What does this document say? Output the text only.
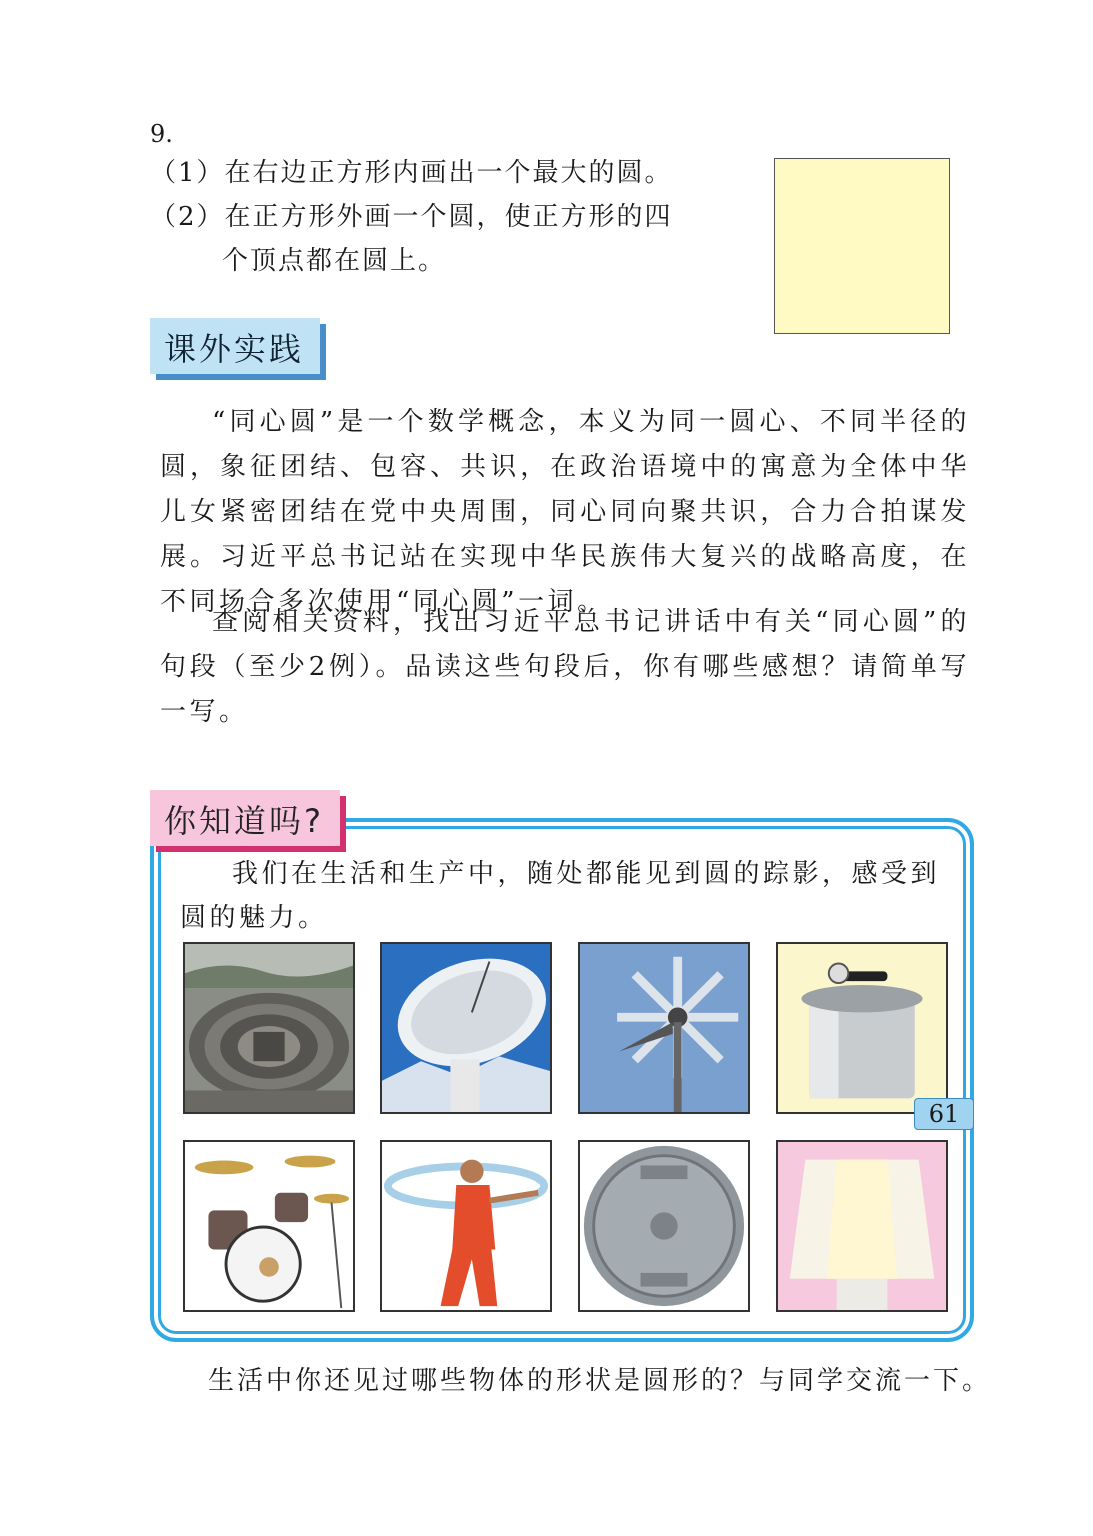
9.
（1）在右边正方形内画出一个最大的圆。
（2）在正方形外画一个圆，使正方形的四
个顶点都在圆上。
课外实践
“同心圆”是一个数学概念，本义为同一圆心、不同半径的圆，象征团结、包容、共识，在政治语境中的寓意为全体中华儿女紧密团结在党中央周围，同心同向聚共识，合力合拍谋发展。习近平总书记站在实现中华民族伟大复兴的战略高度，在不同场合多次使用“同心圆”一词。
查阅相关资料，找出习近平总书记讲话中有关“同心圆”的句段（至少2例）。品读这些句段后，你有哪些感想？请简单写一写。
你知道吗?
我们在生活和生产中，随处都能见到圆的踪影，感受到圆的魅力。
生活中你还见过哪些物体的形状是圆形的？与同学交流一下。
61
